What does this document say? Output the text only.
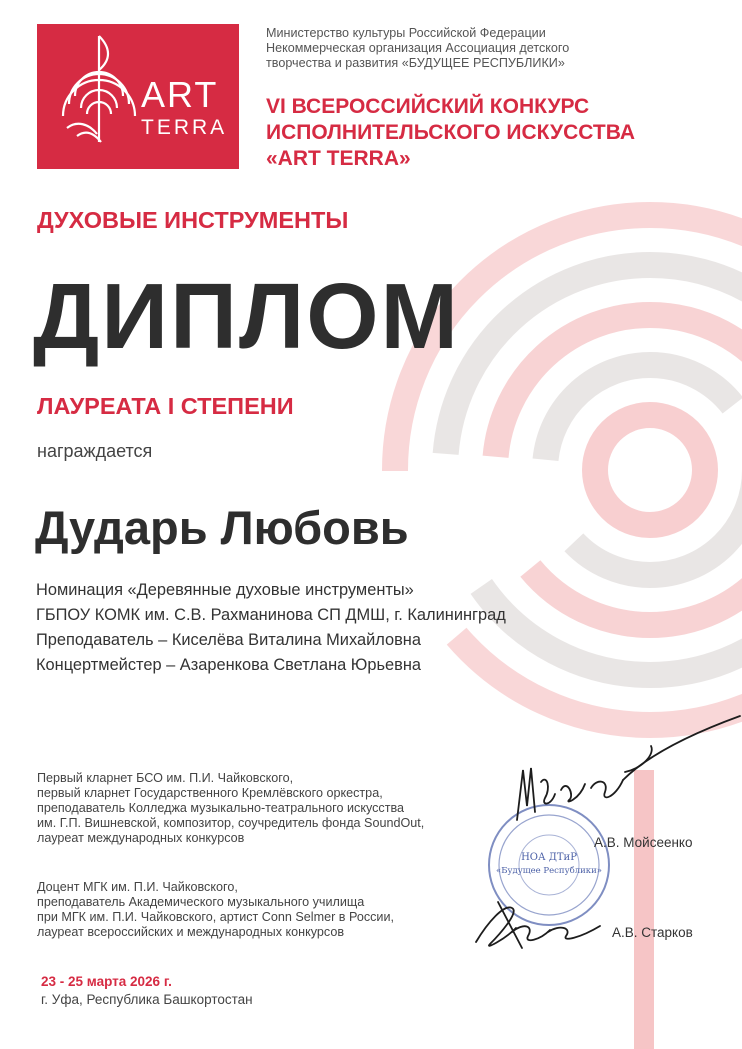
ART
TERRA
Министерство культуры Российской Федерации
Некоммерческая организация Ассоциация детского
творчества и развития «БУДУЩЕЕ РЕСПУБЛИКИ»
VI ВСЕРОССИЙСКИЙ КОНКУРС
ИСПОЛНИТЕЛЬСКОГО ИСКУССТВА
«ART TERRA»
ДУХОВЫЕ ИНСТРУМЕНТЫ
ДИПЛОМ
ЛАУРЕАТА I СТЕПЕНИ
награждается
Дударь Любовь
Номинация «Деревянные духовые инструменты»
ГБПОУ КОМК им. С.В. Рахманинова СП ДМШ, г. Калининград
Преподаватель – Киселёва Виталина Михайловна
Концертмейстер – Азаренкова Светлана Юрьевна
НОА ДТиР
«Будущее Республики»
Первый кларнет БСО им. П.И. Чайковского,
первый кларнет Государственного Кремлёвского оркестра,
преподаватель Колледжа музыкально-театрального искусства
им. Г.П. Вишневской, композитор, соучредитель фонда SoundOut,
лауреат международных конкурсов	А.В. Мойсеенко
Доцент МГК им. П.И. Чайковского,
преподаватель Академического музыкального училища
при МГК им. П.И. Чайковского, артист Conn Selmer в России,
лауреат всероссийских и международных конкурсов	А.В. Старков
23 - 25 марта 2026 г.
г. Уфа, Республика Башкортостан
